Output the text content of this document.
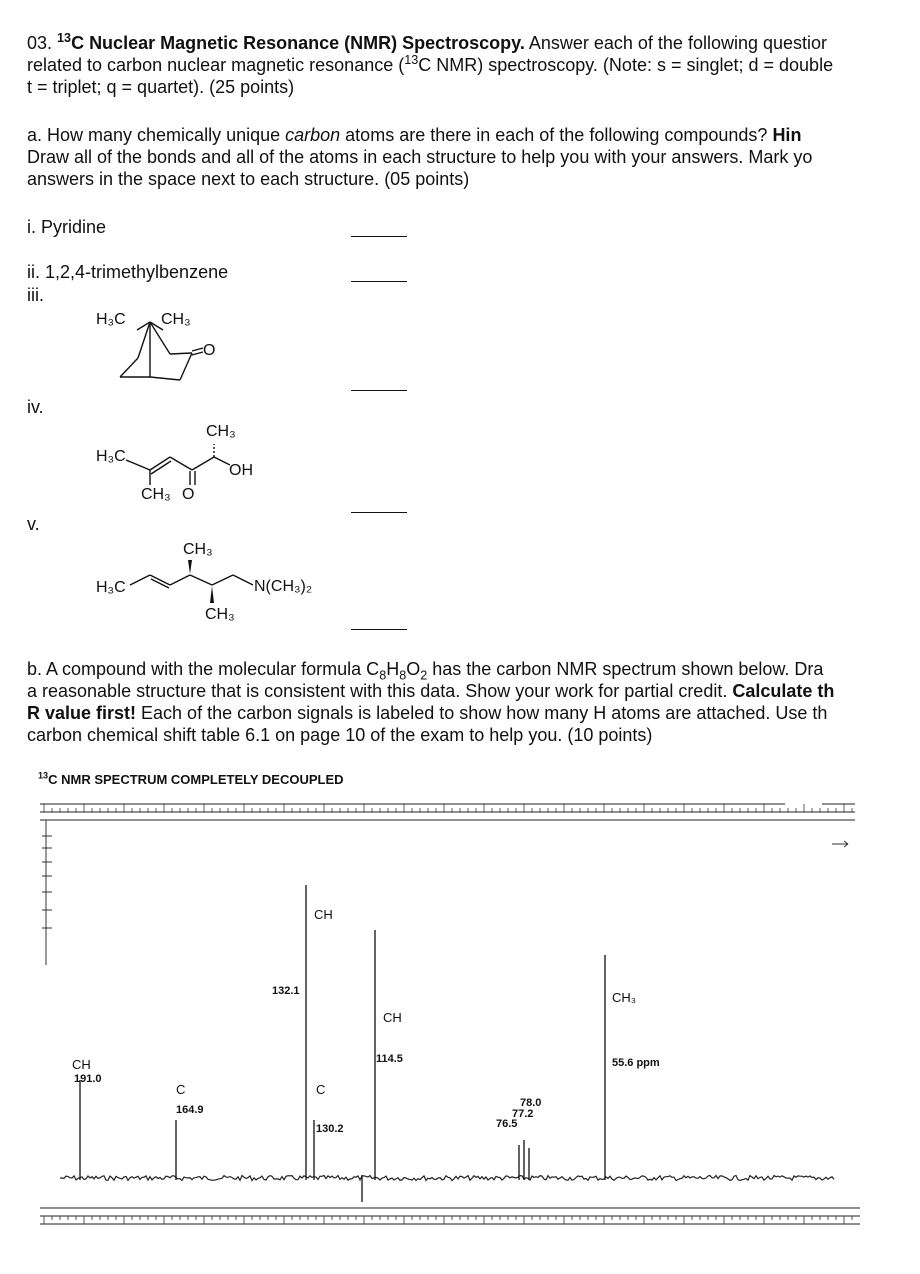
03. $^{13}$C Nuclear Magnetic Resonance (NMR) Spectroscopy. Answer each of the following questior
related to carbon nuclear magnetic resonance ($^{13}$C NMR) spectroscopy. (Note: s = singlet; d = double
t = triplet; q = quartet). (25 points)
a. How many chemically unique carbon atoms are there in each of the following compounds? Hin
Draw all of the bonds and all of the atoms in each structure to help you with your answers. Mark yo
answers in the space next to each structure. (05 points)
i. Pyridine
ii. 1,2,4-trimethylbenzene
iii.
iv.
v.
H₃C CH₃
O
H₃C
CH₃
OH
CH₃ O
H₃C
CH₃
N(CH₃)₂
CH₃
b. A compound with the molecular formula $C_8H_8O_2$ has the carbon NMR spectrum shown below. Dra
a reasonable structure that is consistent with this data. Show your work for partial credit. Calculate th
R value first! Each of the carbon signals is labeled to show how many H atoms are attached. Use th
carbon chemical shift table 6.1 on page 10 of the exam to help you. (10 points)
$^{13}$C NMR SPECTRUM COMPLETELY DECOUPLED
CH
191.0
C
164.9
CH
132.1
C
130.2
CH
114.5
78.0
77.2
76.5
CH₃
55.6 ppm
